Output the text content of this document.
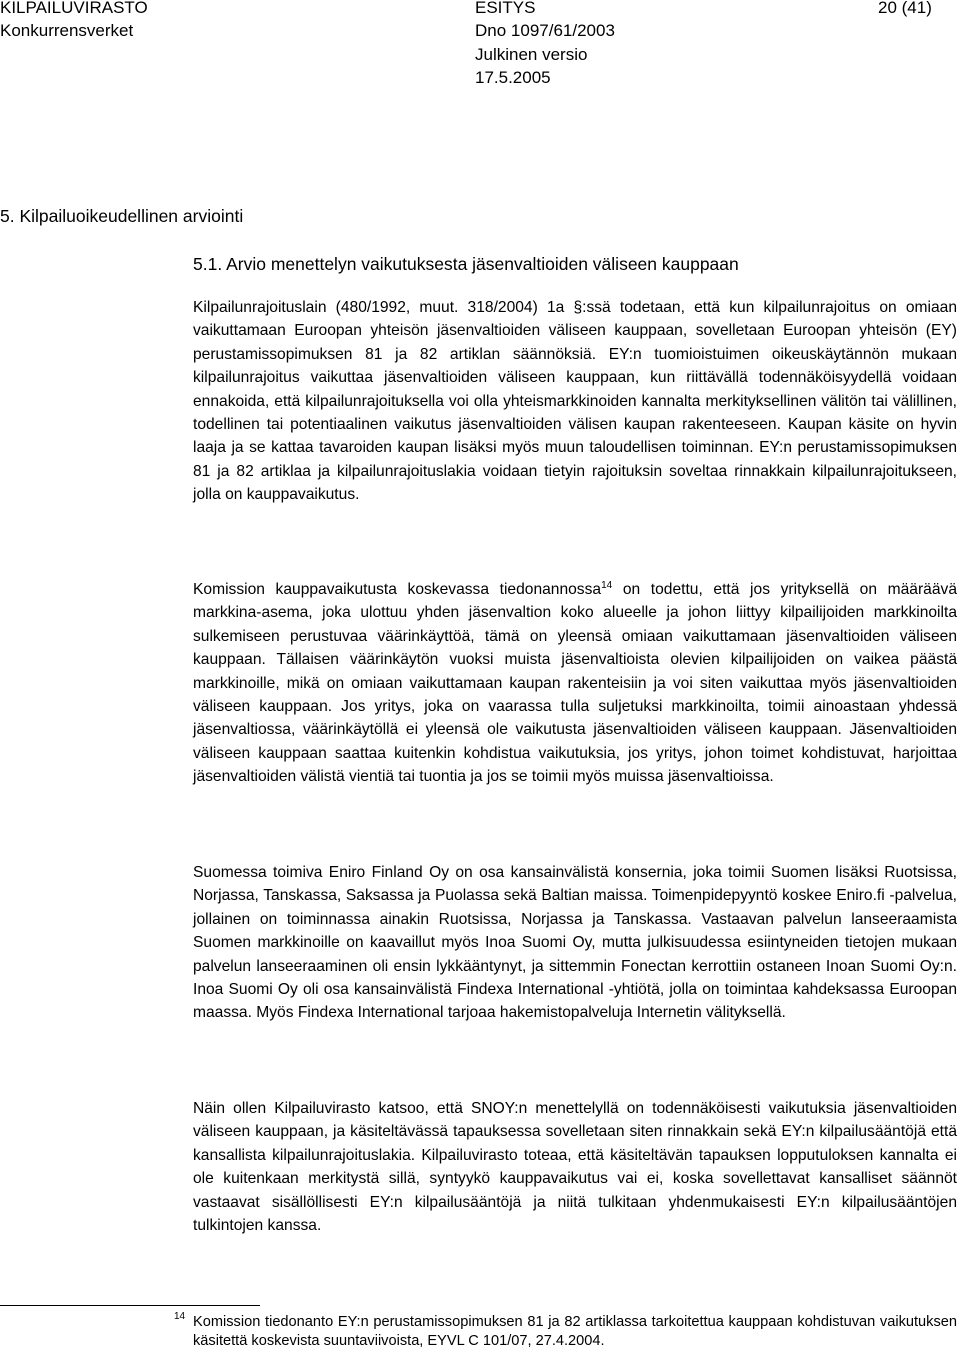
KILPAILUVIRASTO
Konkurrensverket
ESITYS
Dno 1097/61/2003
Julkinen versio
17.5.2005
20 (41)
5. Kilpailuoikeudellinen arviointi
5.1. Arvio menettelyn vaikutuksesta jäsenvaltioiden väliseen kauppaan

Kilpailunrajoituslain (480/1992, muut. 318/2004) 1a §:ssä todetaan, että kun kilpailunrajoitus on omiaan vaikuttamaan Euroopan yhteisön jäsenvaltioiden väliseen kauppaan, sovelletaan Euroopan yhteisön (EY) perustamissopimuksen 81 ja 82 artiklan säännöksiä. EY:n tuomioistuimen oikeuskäytännön mukaan kilpailunrajoitus vaikuttaa jäsenvaltioiden väliseen kauppaan, kun riittävällä todennäköisyydellä voidaan ennakoida, että kilpailunrajoituksella voi olla yhteismarkkinoiden kannalta merkityksellinen välitön tai välillinen, todellinen tai potentiaalinen vaikutus jäsenvaltioiden välisen kaupan rakenteeseen. Kaupan käsite on hyvin laaja ja se kattaa tavaroiden kaupan lisäksi myös muun taloudellisen toiminnan. EY:n perustamissopimuksen 81 ja 82 artiklaa ja kilpailunrajoituslakia voidaan tietyin rajoituksin soveltaa rinnakkain kilpailunrajoitukseen, jolla on kauppavaikutus.

Komission kauppavaikutusta koskevassa tiedonannossa$^{14}$ on todettu, että jos yrityksellä on määräävä markkina-asema, joka ulottuu yhden jäsenvaltion koko alueelle ja johon liittyy kilpailijoiden markkinoilta sulkemiseen perustuvaa väärinkäyttöä, tämä on yleensä omiaan vaikuttamaan jäsenvaltioiden väliseen kauppaan. Tällaisen väärinkäytön vuoksi muista jäsenvaltioista olevien kilpailijoiden on vaikea päästä markkinoille, mikä on omiaan vaikuttamaan kaupan rakenteisiin ja voi siten vaikuttaa myös jäsenvaltioiden väliseen kauppaan. Jos yritys, joka on vaarassa tulla suljetuksi markkinoilta, toimii ainoastaan yhdessä jäsenvaltiossa, väärinkäytöllä ei yleensä ole vaikutusta jäsenvaltioiden väliseen kauppaan. Jäsenvaltioiden väliseen kauppaan saattaa kuitenkin kohdistua vaikutuksia, jos yritys, johon toimet kohdistuvat, harjoittaa jäsenvaltioiden välistä vientiä tai tuontia ja jos se toimii myös muissa jäsenvaltioissa.

Suomessa toimiva Eniro Finland Oy on osa kansainvälistä konsernia, joka toimii Suomen lisäksi Ruotsissa, Norjassa, Tanskassa, Saksassa ja Puolassa sekä Baltian maissa. Toimenpidepyyntö koskee Eniro.fi -palvelua, jollainen on toiminnassa ainakin Ruotsissa, Norjassa ja Tanskassa. Vastaavan palvelun lanseeraamista Suomen markkinoille on kaavaillut myös Inoa Suomi Oy, mutta julkisuudessa esiintyneiden tietojen mukaan palvelun lanseeraaminen oli ensin lykkääntynyt, ja sittemmin Fonectan kerrottiin ostaneen Inoan Suomi Oy:n. Inoa Suomi Oy oli osa kansainvälistä Findexa International -yhtiötä, jolla on toimintaa kahdeksassa Euroopan maassa. Myös Findexa International tarjoaa hakemistopalveluja Internetin välityksellä.

Näin ollen Kilpailuvirasto katsoo, että SNOY:n menettelyllä on todennäköisesti vaikutuksia jäsenvaltioiden väliseen kauppaan, ja käsiteltävässä tapauksessa sovelletaan siten rinnakkain sekä EY:n kilpailusääntöjä että kansallista kilpailunrajoituslakia. Kilpailuvirasto toteaa, että käsiteltävän tapauksen lopputuloksen kannalta ei ole kuitenkaan merkitystä sillä, syntyykö kauppavaikutus vai ei, koska sovellettavat kansalliset säännöt vastaavat sisällöllisesti EY:n kilpailusääntöjä ja niitä tulkitaan yhdenmukaisesti EY:n kilpailusääntöjen tulkintojen kanssa.

14 Komission tiedonanto EY:n perustamissopimuksen 81 ja 82 artiklassa tarkoitettua kauppaan kohdistuvan vaikutuksen käsitettä koskevista suuntaviivoista, EYVL C 101/07, 27.4.2004.
